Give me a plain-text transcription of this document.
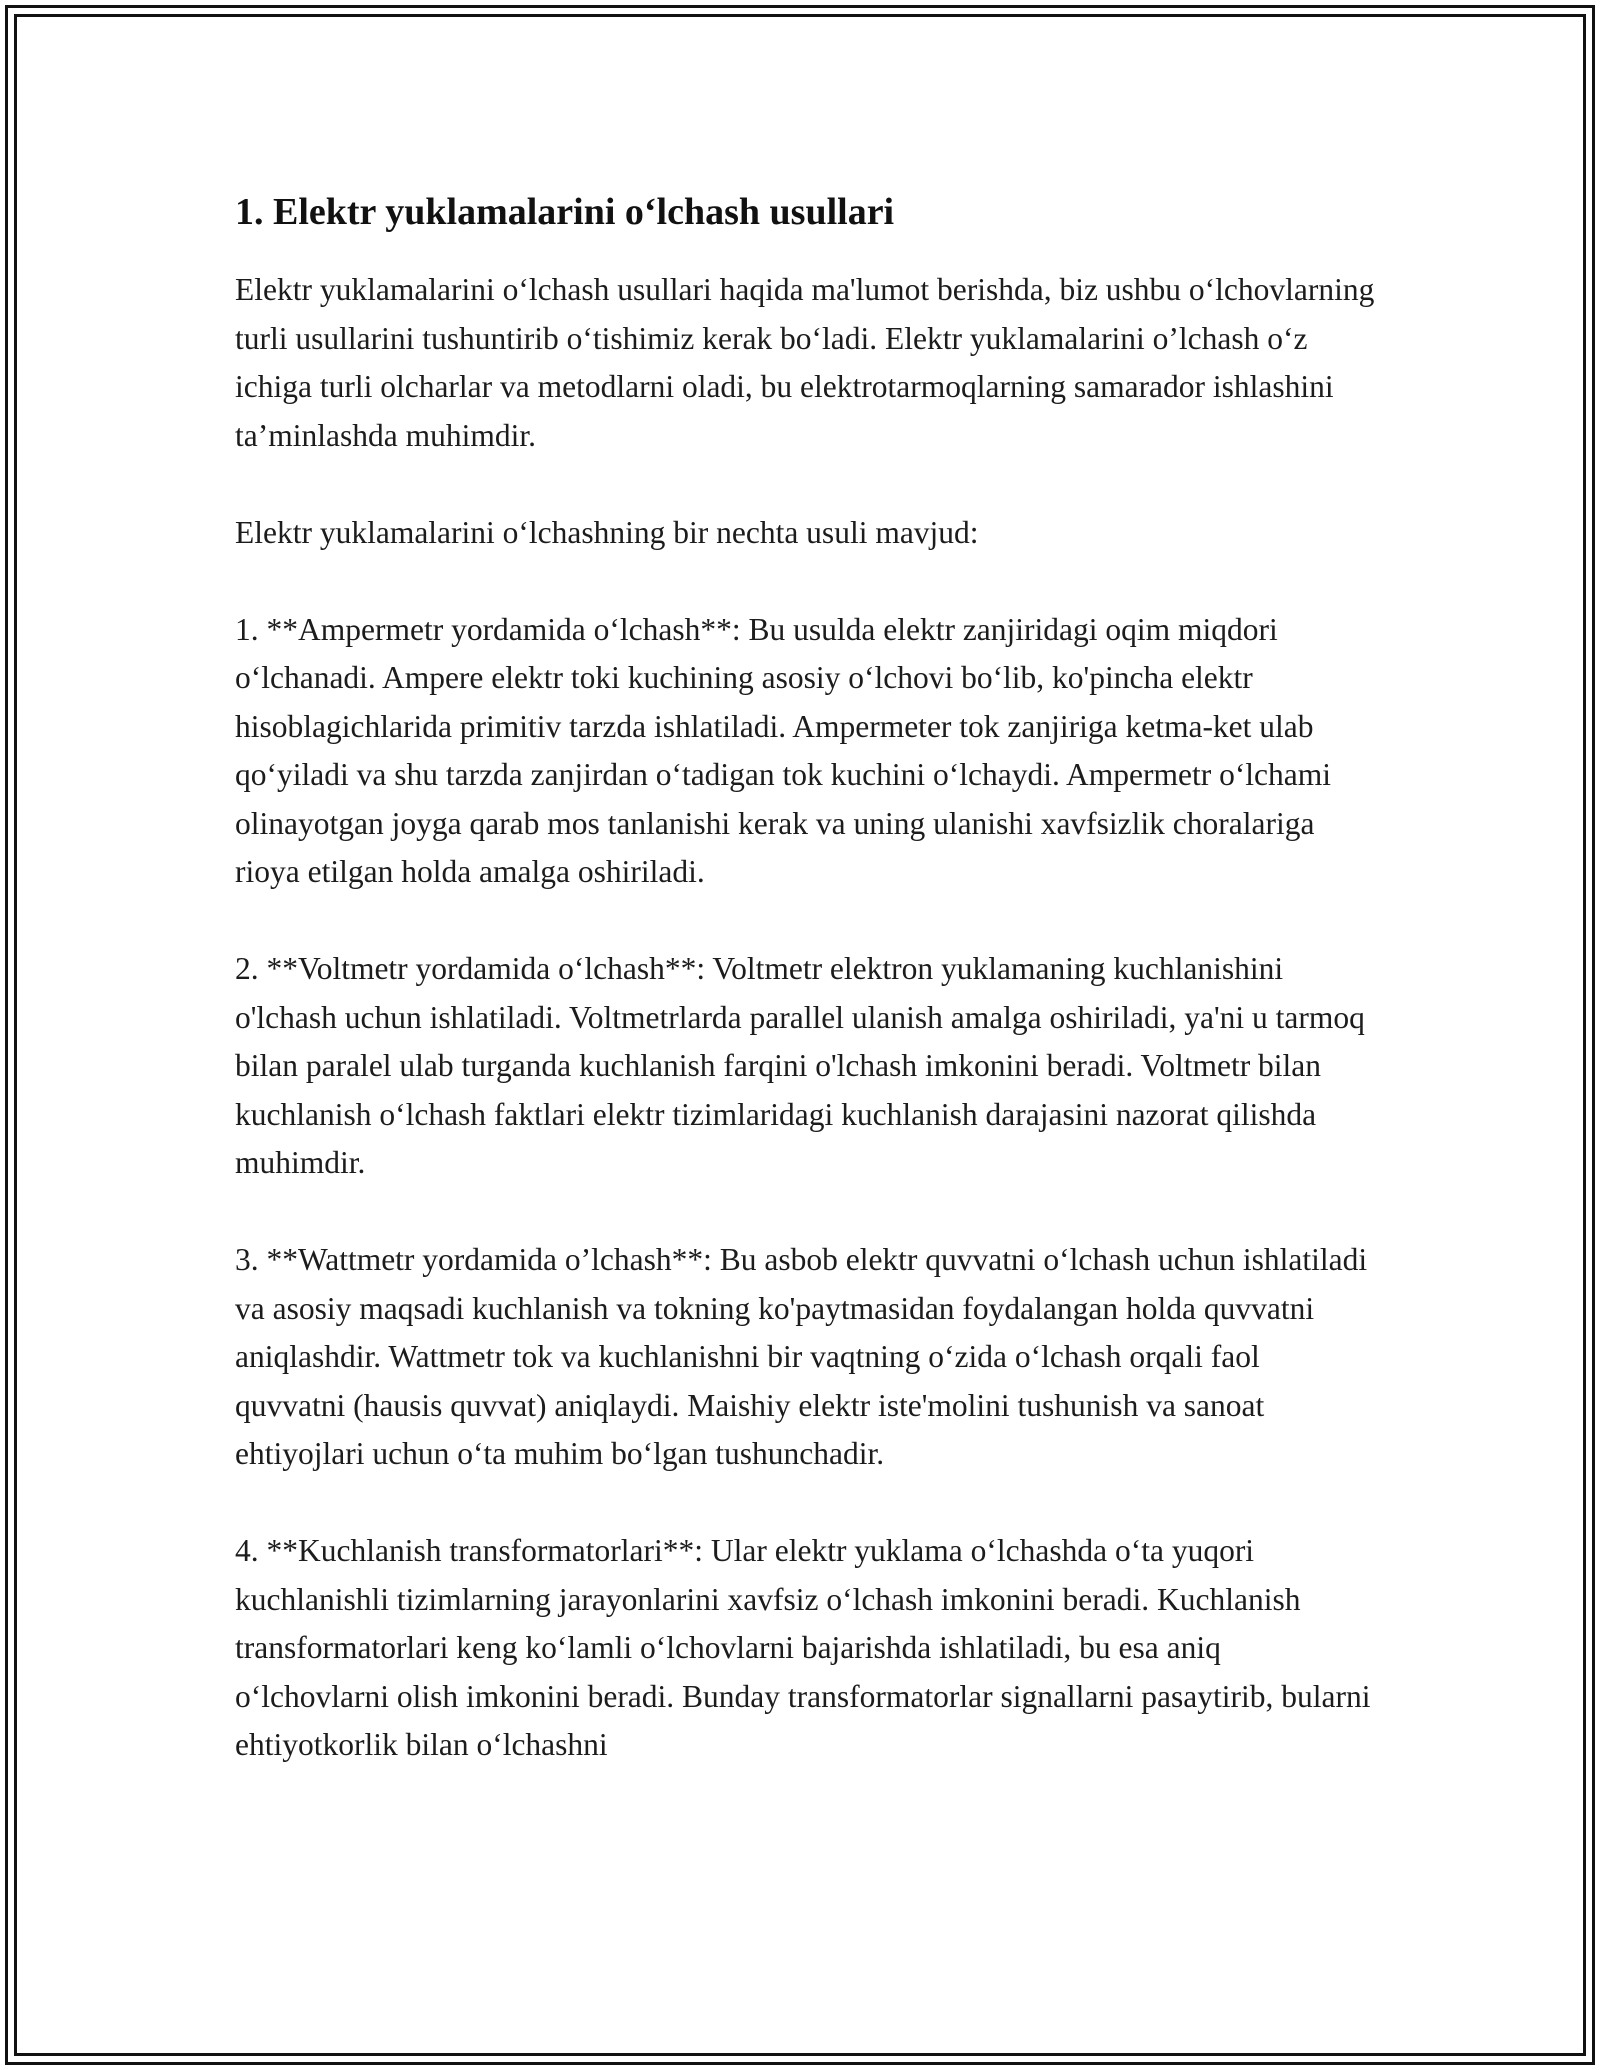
1. Elektr yuklamalarini o‘lchash usullari

Elektr yuklamalarini o‘lchash usullari haqida ma'lumot berishda, biz ushbu o‘lchovlarning turli usullarini tushuntirib o‘tishimiz kerak bo‘ladi. Elektr yuklamalarini o’lchash o‘z ichiga turli olcharlar va metodlarni oladi, bu elektrotarmoqlarning samarador ishlashini ta’minlashda muhimdir.

Elektr yuklamalarini o‘lchashning bir nechta usuli mavjud:

1. **Ampermetr yordamida o‘lchash**: Bu usulda elektr zanjiridagi oqim miqdori o‘lchanadi. Ampere elektr toki kuchining asosiy o‘lchovi bo‘lib, ko'pincha elektr hisoblagichlarida primitiv tarzda ishlatiladi. Ampermeter tok zanjiriga ketma-ket ulab qo‘yiladi va shu tarzda zanjirdan o‘tadigan tok kuchini o‘lchaydi. Ampermetr o‘lchami olinayotgan joyga qarab mos tanlanishi kerak va uning ulanishi xavfsizlik choralariga rioya etilgan holda amalga oshiriladi.

2. **Voltmetr yordamida o‘lchash**: Voltmetr elektron yuklamaning kuchlanishini o'lchash uchun ishlatiladi. Voltmetrlarda parallel ulanish amalga oshiriladi, ya'ni u tarmoq bilan paralel ulab turganda kuchlanish farqini o'lchash imkonini beradi. Voltmetr bilan kuchlanish o‘lchash faktlari elektr tizimlaridagi kuchlanish darajasini nazorat qilishda muhimdir.

3. **Wattmetr yordamida o’lchash**: Bu asbob elektr quvvatni o‘lchash uchun ishlatiladi va asosiy maqsadi kuchlanish va tokning ko'paytmasidan foydalangan holda quvvatni aniqlashdir. Wattmetr tok va kuchlanishni bir vaqtning o‘zida o‘lchash orqali faol quvvatni (hausis quvvat) aniqlaydi. Maishiy elektr iste'molini tushunish va sanoat ehtiyojlari uchun o‘ta muhim bo‘lgan tushunchadir.

4. **Kuchlanish transformatorlari**: Ular elektr yuklama o‘lchashda o‘ta yuqori kuchlanishli tizimlarning jarayonlarini xavfsiz o‘lchash imkonini beradi. Kuchlanish transformatorlari keng ko‘lamli o‘lchovlarni bajarishda ishlatiladi, bu esa aniq o‘lchovlarni olish imkonini beradi. Bunday transformatorlar signallarni pasaytirib, bularni ehtiyotkorlik bilan o‘lchashni
